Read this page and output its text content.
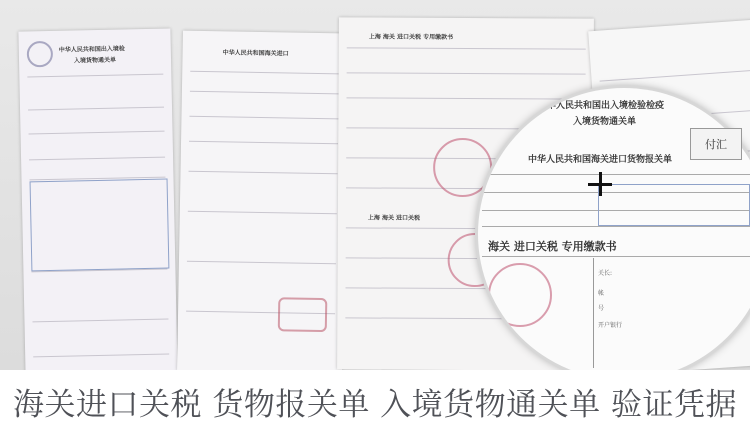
中华人民共和国出入境检
入境货物通关单
中华人民共和国海关进口
上海 海关 进口关税 专用缴款书
上海 海关 进口关税
中华人民共和国出入境检验检疫
入境货物通关单
中华人民共和国海关进口货物报关单
海关 进口关税 专用缴款书
关长:
帐
号
开户银行
付汇
海关进口关税 货物报关单 入境货物通关单 验证凭据
